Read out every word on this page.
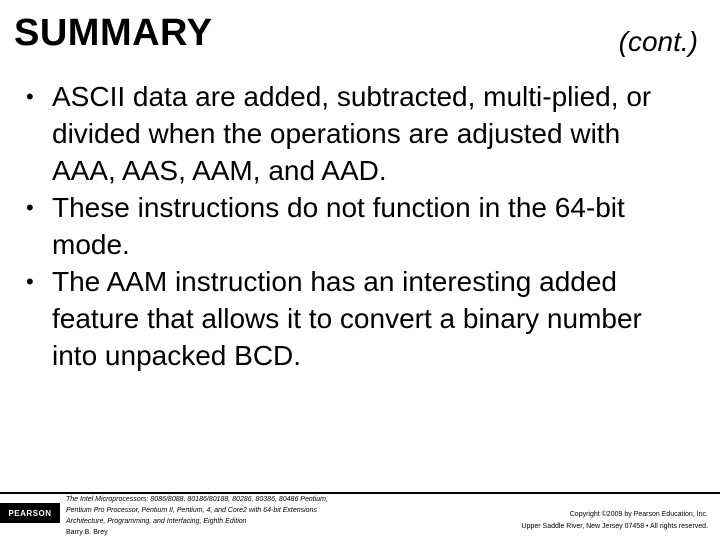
SUMMARY	(cont.)
• ASCII data are added, subtracted, multi-plied, or divided when the operations are adjusted with AAA, AAS, AAM, and AAD.
• These instructions do not function in the 64-bit mode.
• The AAM instruction has an interesting added feature that allows it to convert a binary number into unpacked BCD.
PEARSON
The Intel Microprocessors: 8086/8088, 80186/80188, 80286, 80386, 80486 Pentium,
Pentium Pro Processor, Pentium II, Pentium, 4, and Core2 with 64-bit Extensions
Architecture, Programming, and Interfacing, Eighth Edition
Barry B. Brey
Copyright ©2009 by Pearson Education, Inc.
Upper Saddle River, New Jersey 07458 • All rights reserved.
